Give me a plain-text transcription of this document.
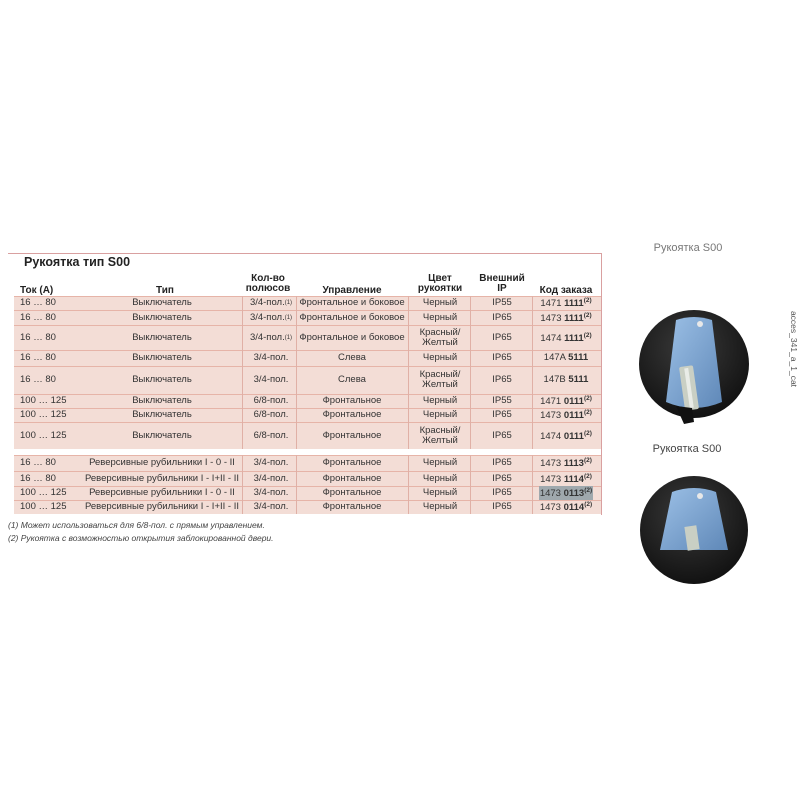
Рукоятка тип S00
Ток (А)	Тип
Кол-во
полюсов	Управление
Цвет
рукоятки
Внешний
IP	Код заказа
16 … 80	Выключатель	3/4-пол. (1) Фронтальное и боковое	Черный	IP55	1471 1111$^{(2)}$
16 … 80	Выключатель	3/4-пол. (1) Фронтальное и боковое	Черный	IP65	1473 1111$^{(2)}$
16 … 80	Выключатель	3/4-пол. (1) Фронтальное и боковое	Красный/
Желтый	IP65	1474 1111$^{(2)}$
16 … 80	Выключатель	3/4-пол.	Слева	Черный	IP65	147A 5111
16 … 80	Выключатель	3/4-пол.	Слева	Красный/
Желтый	IP65	147B 5111
100 … 125	Выключатель	6/8-пол.	Фронтальное	Черный	IP55	1471 0111$^{(2)}$
100 … 125	Выключатель	6/8-пол.	Фронтальное	Черный	IP65	1473 0111$^{(2)}$
100 … 125	Выключатель	6/8-пол.	Фронтальное	Красный/
Желтый	IP65	1474 0111$^{(2)}$
16 … 80	Реверсивные рубильники I - 0 - II	3/4-пол.	Фронтальное	Черный	IP65	1473 1113$^{(2)}$
16 … 80	Реверсивные рубильники I - I+II - II	3/4-пол.	Фронтальное	Черный	IP65	1473 1114$^{(2)}$
100 … 125	Реверсивные рубильники I - 0 - II	3/4-пол.	Фронтальное	Черный	IP65	1473 0113$^{(2)}$
100 … 125	Реверсивные рубильники I - I+II - II	3/4-пол.	Фронтальное	Черный	IP65	1473 0114$^{(2)}$
(1) Может использоваться для 6/8-пол. с прямым управлением.
(2) Рукоятка с возможностью открытия заблокированной двери.
Рукоятка S00
Рукоятка S00
acces_341_a_1_cat
